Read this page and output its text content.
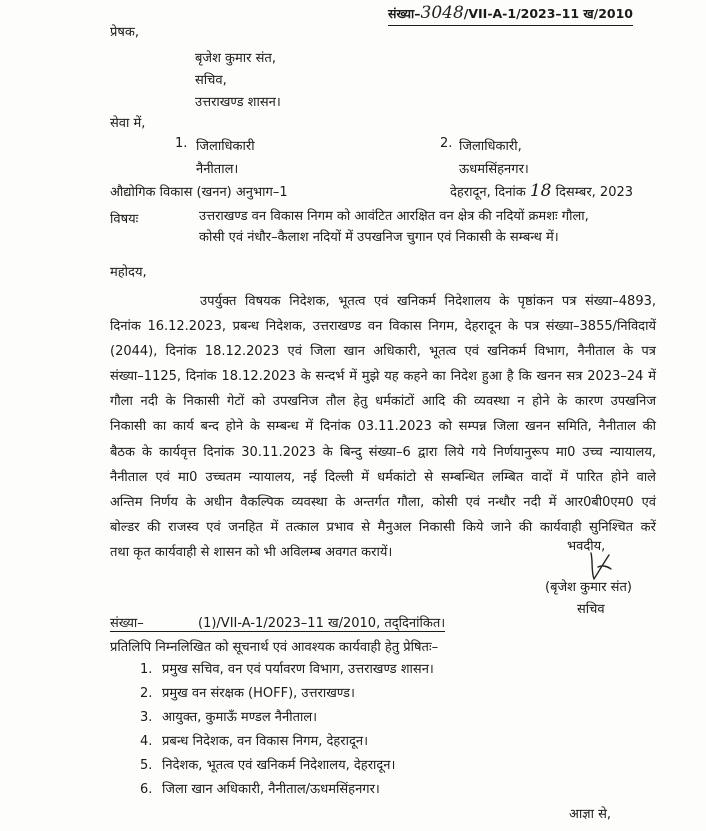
संख्या–3048/VII-A-1/2023–11 ख/2010
प्रेषक,
बृजेश कुमार संत,
सचिव,
उत्तराखण्ड शासन।
सेवा में,
1. जिलाधिकारी
नैनीताल।
2. जिलाधिकारी,
ऊधमसिंहनगर।
औद्योगिक विकास (खनन) अनुभाग–1	देहरादून, दिनांक 18 दिसम्बर, 2023
विषयः	उत्तराखण्ड वन विकास निगम को आवंटित आरक्षित वन क्षेत्र की नदियों क्रमशः गौला,
कोसी एवं नंधौर–कैलाश नदियों में उपखनिज चुगान एवं निकासी के सम्बन्ध में।
महोदय,
उपर्युक्त विषयक निदेशक, भूतत्व एवं खनिकर्म निदेशालय के पृष्ठांकन पत्र संख्या–4893,
दिनांक 16.12.2023, प्रबन्ध निदेशक, उत्तराखण्ड वन विकास निगम, देहरादून के पत्र संख्या–3855/निविदायें
(2044), दिनांक 18.12.2023 एवं जिला खान अधिकारी, भूतत्व एवं खनिकर्म विभाग, नैनीताल के पत्र
संख्या–1125, दिनांक 18.12.2023 के सन्दर्भ में मुझे यह कहने का निदेश हुआ है कि खनन सत्र 2023–24 में
गौला नदी के निकासी गेटों को उपखनिज तौल हेतु धर्मकांटों आदि की व्यवस्था न होने के कारण उपखनिज
निकासी का कार्य बन्द होने के सम्बन्ध में दिनांक 03.11.2023 को सम्पन्न जिला खनन समिति, नैनीताल की
बैठक के कार्यवृत्त दिनांक 30.11.2023 के बिन्दु संख्या–6 द्वारा लिये गये निर्णयानुरूप मा0 उच्च न्यायालय,
नैनीताल एवं मा0 उच्चतम न्यायालय, नई दिल्ली में धर्मकांटो से सम्बन्धित लम्बित वादों में पारित होने वाले
अन्तिम निर्णय के अधीन वैकल्पिक व्यवस्था के अन्तर्गत गौला, कोसी एवं नन्धौर नदी में आर0बी0एम0 एवं
बोल्डर की राजस्व एवं जनहित में तत्काल प्रभाव से मैनुअल निकासी किये जाने की कार्यवाही सुनिश्चित करें
तथा कृत कार्यवाही से शासन को भी अविलम्ब अवगत करायें।	भवदीय,
(बृजेश कुमार संत)
सचिव
संख्या–	(1)/VII-A-1/2023–11 ख/2010, तद्‌दिनांकित।
प्रतिलिपि निम्नलिखित को सूचनार्थ एवं आवश्यक कार्यवाही हेतु प्रेषितः–
1. प्रमुख सचिव, वन एवं पर्यावरण विभाग, उत्तराखण्ड शासन।
2. प्रमुख वन संरक्षक (HOFF), उत्तराखण्ड।
3. आयुक्त, कुमाऊँ मण्डल नैनीताल।
4. प्रबन्ध निदेशक, वन विकास निगम, देहरादून।
5. निदेशक, भूतत्व एवं खनिकर्म निदेशालय, देहरादून।
6. जिला खान अधिकारी, नैनीताल/ऊधमसिंहनगर।
आज्ञा से,
